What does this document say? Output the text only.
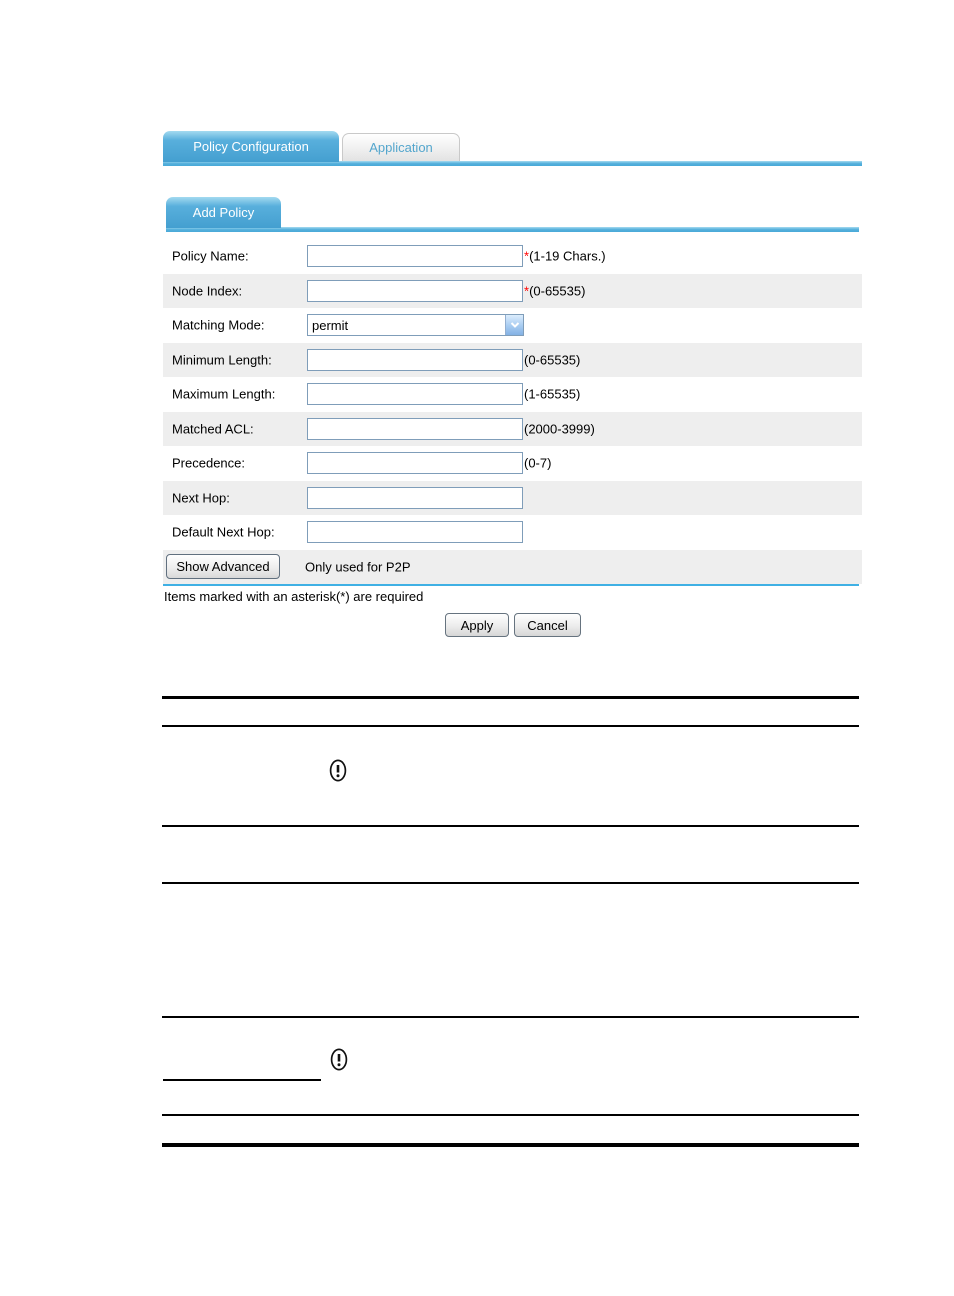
Policy Configuration	Application
Add Policy
Policy Name:	*(1-19 Chars.)
Node Index:	*(0-65535)
Matching Mode:	permit
Minimum Length:	(0-65535)
Maximum Length:	(1-65535)
Matched ACL:	(2000-3999)
Precedence:	(0-7)
Next Hop:
Default Next Hop:
Show Advanced	Only used for P2P
Items marked with an asterisk(*) are required
Apply	Cancel
